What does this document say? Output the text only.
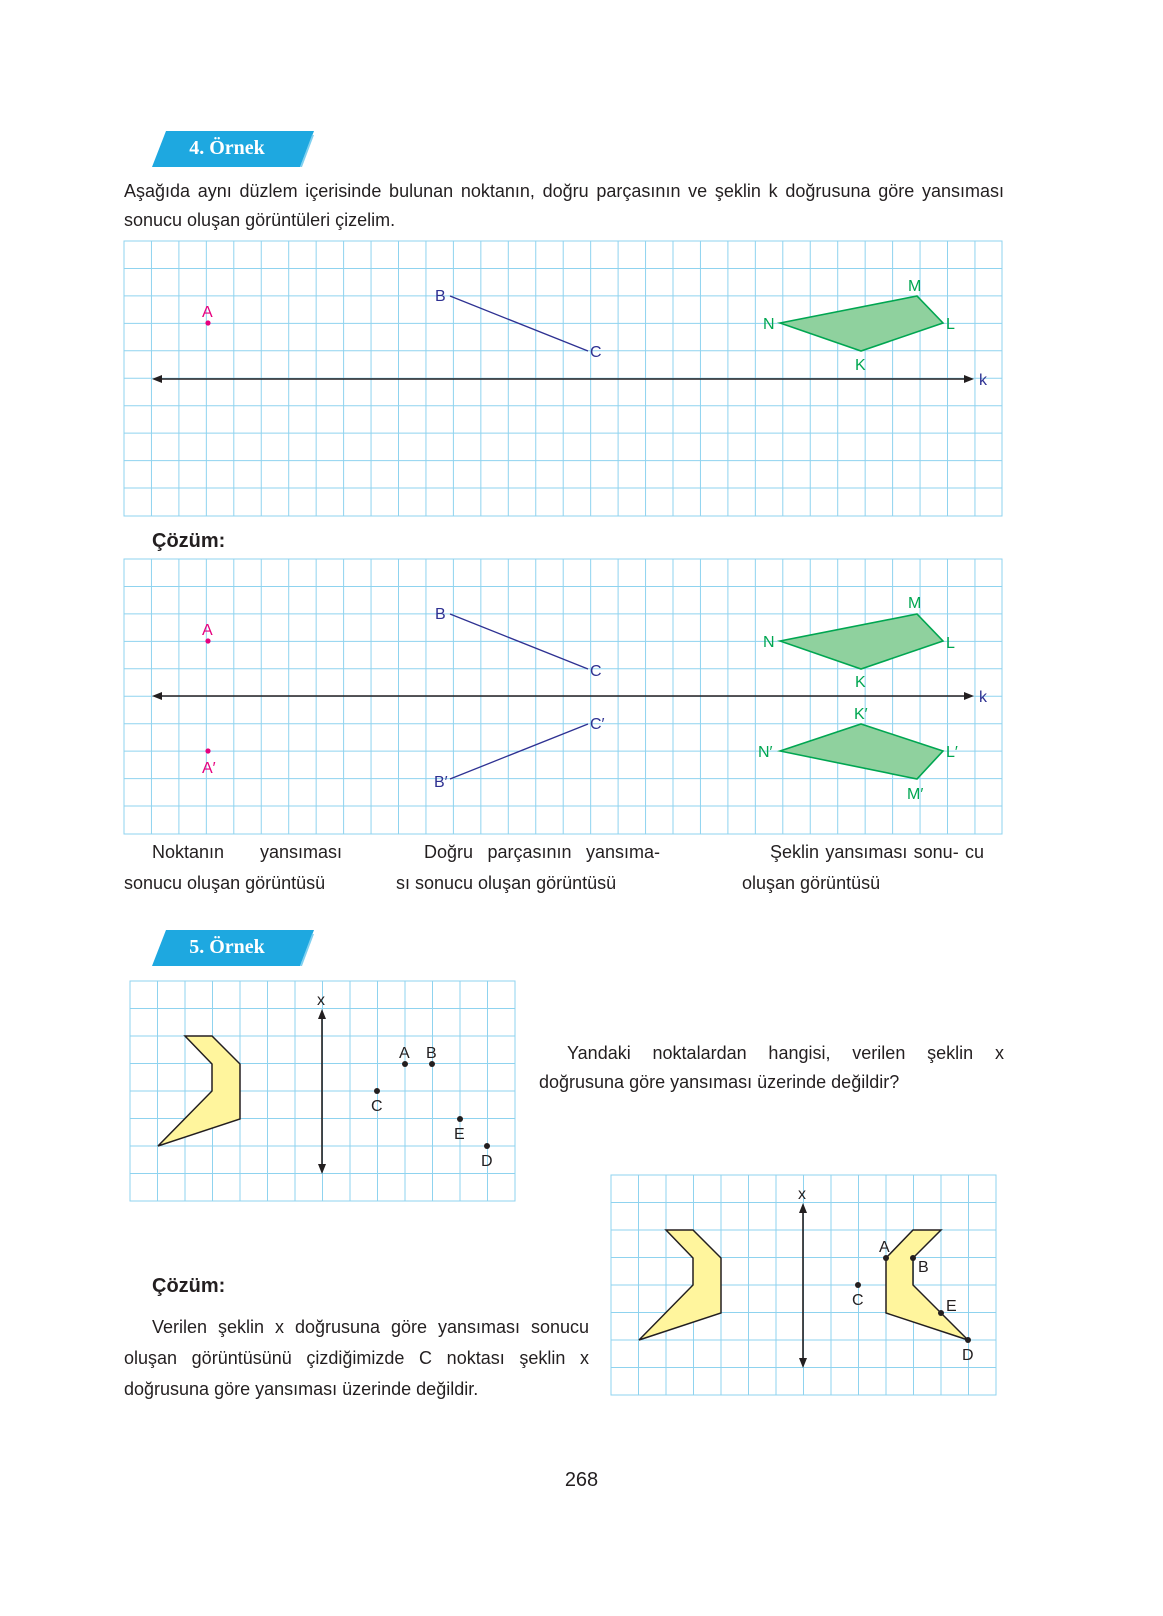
4. Örnek

Aşağıda aynı düzlem içerisinde bulunan noktanın, doğru parçasının ve şeklin k doğrusuna göre yansıması sonucu oluşan görüntüleri çizelim.

k
A
B
C
M
L
K
N

Çözüm:

k
A
A′
B
C
B′
C′
M
L
K
N
M′
L′
K′
N′
Noktanın yansıması sonucu oluşan görüntüsü
Doğru parçasının yansıma- sı sonucu oluşan görüntüsü
Şeklin yansıması sonu- cu oluşan görüntüsü
5. Örnek
x
A B
C
E
D

Yandaki noktalardan hangisi, verilen şeklin x doğrusuna göre yansıması üzerinde değildir?

Çözüm:

Verilen şeklin x doğrusuna göre yansıması sonucu oluşan görüntüsünü çizdiğimizde C noktası şeklin x doğrusuna göre yansıması üzerinde değildir.

x
A
B
C	E
D
268
